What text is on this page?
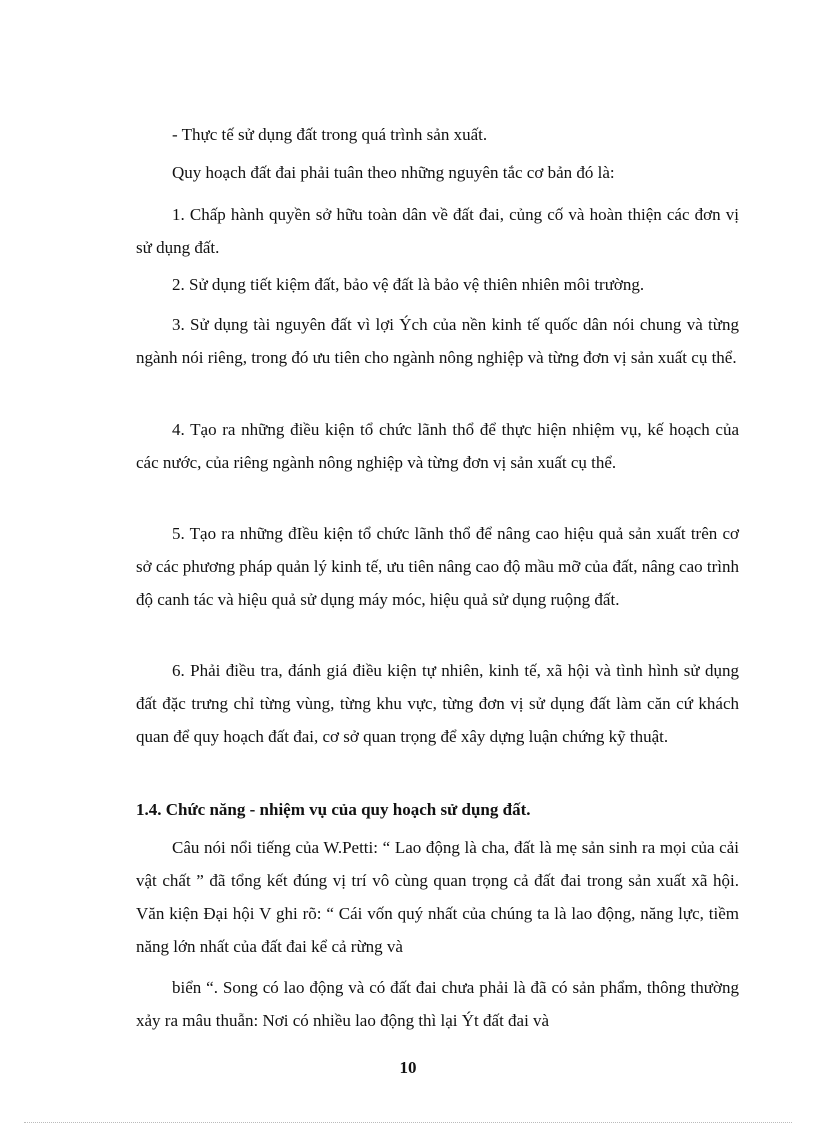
- Thực tế sử dụng đất trong quá trình sản xuất.

Quy hoạch đất đai phải tuân theo những nguyên tắc cơ bản đó là:

1. Chấp hành quyền sở hữu toàn dân về đất đai, củng cố và hoàn thiện các đơn vị sử dụng đất.

2. Sử dụng tiết kiệm đất, bảo vệ đất là bảo vệ thiên nhiên môi trường.

3. Sử dụng tài nguyên đất vì lợi Ých của nền kinh tế quốc dân nói chung và từng ngành nói riêng, trong đó ưu tiên cho ngành nông nghiệp và từng đơn vị sản xuất cụ thể.

4. Tạo ra những điều kiện tổ chức lãnh thổ để thực hiện nhiệm vụ, kế hoạch của các nước, của riêng ngành nông nghiệp và từng đơn vị sản xuất cụ thể.

5. Tạo ra những đIều kiện tổ chức lãnh thổ để nâng cao hiệu quả sản xuất trên cơ sở các phương pháp quản lý kinh tế, ưu tiên nâng cao độ mầu mỡ của đất, nâng cao trình độ canh tác và hiệu quả sử dụng máy móc, hiệu quả sử dụng ruộng đất.

6. Phải điều tra, đánh giá điều kiện tự nhiên, kinh tế, xã hội và tình hình sử dụng đất đặc trưng chỉ từng vùng, từng khu vực, từng đơn vị sử dụng đất làm căn cứ khách quan để quy hoạch đất đai, cơ sở quan trọng để xây dựng luận chứng kỹ thuật.

1.4. Chức năng - nhiệm vụ của quy hoạch sử dụng đất.

Câu nói nổi tiếng của W.Petti: “ Lao động là cha, đất là mẹ sản sinh ra mọi của cải vật chất ” đã tổng kết đúng vị trí vô cùng quan trọng cả đất đai trong sản xuất xã hội. Văn kiện Đại hội V ghi rõ: “ Cái vốn quý nhất của chúng ta là lao động, năng lực, tiềm năng lớn nhất của đất đai kể cả rừng và

biển “. Song có lao động và có đất đai chưa phải là đã có sản phẩm, thông thường xảy ra mâu thuẫn: Nơi có nhiều lao động thì lại Ýt đất đai và

10
